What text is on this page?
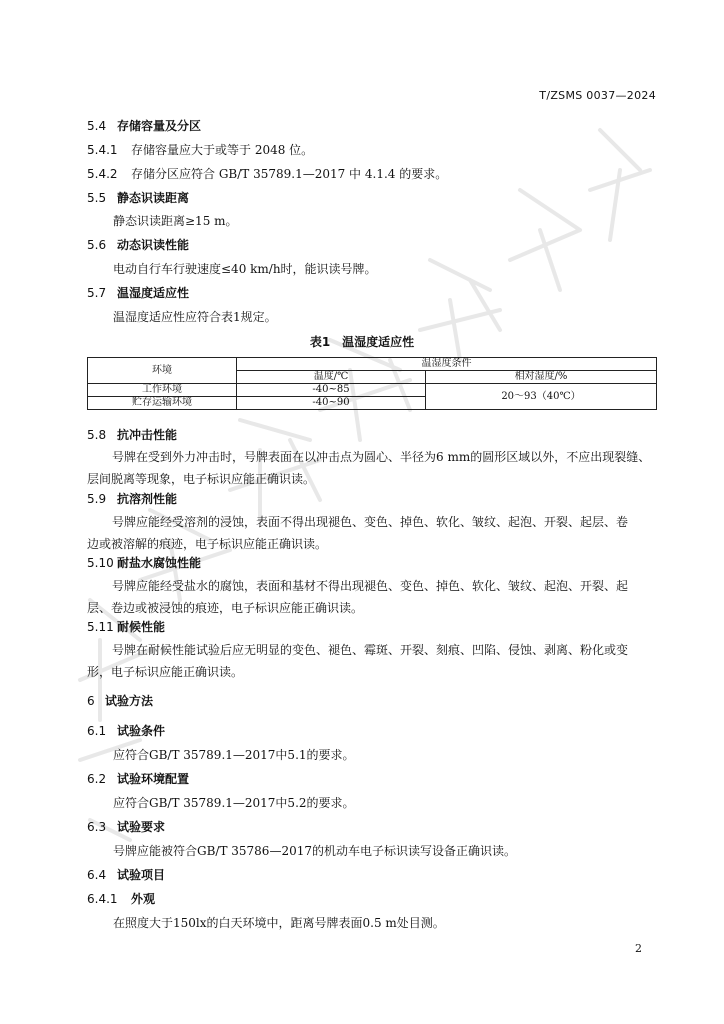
T/ZSMS 0037—2024
5.4 存储容量及分区
5.4.1 存储容量应大于或等于 2048 位。
5.4.2 存储分区应符合 GB/T 35789.1—2017 中 4.1.4 的要求。
5.5 静态识读距离
静态识读距离≥15 m。
5.6 动态识读性能
电动自行车行驶速度≤40 km/h时，能识读号牌。
5.7 温湿度适应性
温湿度适应性应符合表1规定。
表1　温湿度适应性
环境	温湿度条件	
	温度/℃	相对湿度/%
工作环境	-40~85	20～93（40℃）
贮存运输环境	-40~90	
5.8 抗冲击性能
号牌在受到外力冲击时，号牌表面在以冲击点为圆心、半径为6 mm的圆形区域以外，不应出现裂缝、
层间脱离等现象，电子标识应能正确识读。
5.9 抗溶剂性能
号牌应能经受溶剂的浸蚀，表面不得出现褪色、变色、掉色、软化、皱纹、起泡、开裂、起层、卷
边或被溶解的痕迹，电子标识应能正确识读。
5.10 耐盐水腐蚀性能
号牌应能经受盐水的腐蚀，表面和基材不得出现褪色、变色、掉色、软化、皱纹、起泡、开裂、起
层、卷边或被浸蚀的痕迹，电子标识应能正确识读。
5.11 耐候性能
号牌在耐候性能试验后应无明显的变色、褪色、霉斑、开裂、刻痕、凹陷、侵蚀、剥离、粉化或变
形，电子标识应能正确识读。
6 试验方法
6.1 试验条件
应符合GB/T 35789.1—2017中5.1的要求。
6.2 试验环境配置
应符合GB/T 35789.1—2017中5.2的要求。
6.3 试验要求
号牌应能被符合GB/T 35786—2017的机动车电子标识读写设备正确识读。
6.4 试验项目
6.4.1 外观
在照度大于150lx的白天环境中，距离号牌表面0.5 m处目测。
2
